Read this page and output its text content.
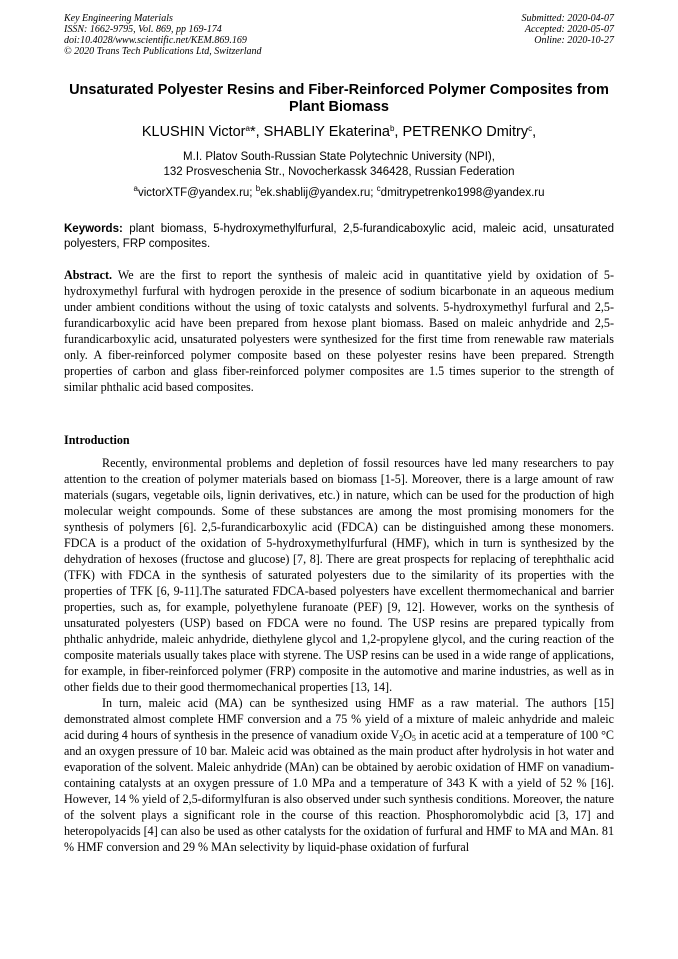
Key Engineering Materials
ISSN: 1662-9795, Vol. 869, pp 169-174
doi:10.4028/www.scientific.net/KEM.869.169
© 2020 Trans Tech Publications Ltd, Switzerland
Submitted: 2020-04-07
Accepted: 2020-05-07
Online: 2020-10-27
Unsaturated Polyester Resins and Fiber-Reinforced Polymer Composites from Plant Biomass
KLUSHIN Victor$^a$*, SHABLIY Ekaterina$^b$, PETRENKO Dmitry$^c$,
M.I. Platov South-Russian State Polytechnic University (NPI),
132 Prosveschenia Str., Novocherkassk 346428, Russian Federation
$^a$victorXTF@yandex.ru; $^b$ek.shablij@yandex.ru; $^c$dmitrypetrenko1998@yandex.ru
Keywords: plant biomass, 5-hydroxymethylfurfural, 2,5-furandicaboxylic acid, maleic acid, unsaturated polyesters, FRP composites.
Abstract. We are the first to report the synthesis of maleic acid in quantitative yield by oxidation of 5-hydroxymethyl furfural with hydrogen peroxide in the presence of sodium bicarbonate in an aqueous medium under ambient conditions without the using of toxic catalysts and solvents. 5-hydroxymethyl furfural and 2,5-furandicarboxylic acid have been prepared from hexose plant biomass. Based on maleic anhydride and 2,5-furandicarboxylic acid, unsaturated polyesters were synthesized for the first time from renewable raw materials only. A fiber-reinforced polymer composite based on these polyester resins have been prepared. Strength properties of carbon and glass fiber-reinforced polymer composites are 1.5 times superior to the strength of similar phthalic acid based composites.
Introduction

Recently, environmental problems and depletion of fossil resources have led many researchers to pay attention to the creation of polymer materials based on biomass [1-5]. Moreover, there is a large amount of raw materials (sugars, vegetable oils, lignin derivatives, etc.) in nature, which can be used for the production of high molecular weight compounds. Some of these substances are among the most promising monomers for the synthesis of polymers [6]. 2,5-furandicarboxylic acid (FDCA) can be distinguished among these monomers. FDCA is a product of the oxidation of 5-hydroxymethylfurfural (HMF), which in turn is synthesized by the dehydration of hexoses (fructose and glucose) [7, 8]. There are great prospects for replacing of terephthalic acid (TFK) with FDCA in the synthesis of saturated polyesters due to the similarity of its properties with the properties of TFK [6, 9-11].The saturated FDCA-based polyesters have excellent thermomechanical and barrier properties, such as, for example, polyethylene furanoate (PEF) [9, 12]. However, works on the synthesis of unsaturated polyesters (USP) based on FDCA were no found. The USP resins are prepared typically from phthalic anhydride, maleic anhydride, diethylene glycol and 1,2-propylene glycol, and the curing reaction of the composite materials usually takes place with styrene. The USP resins can be used in a wide range of applications, for example, in fiber-reinforced polymer (FRP) composite in the automotive and marine industries, as well as in other fields due to their good thermomechanical properties [13, 14].

In turn, maleic acid (MA) can be synthesized using HMF as a raw material. The authors [15] demonstrated almost complete HMF conversion and a 75 % yield of a mixture of maleic anhydride and maleic acid during 4 hours of synthesis in the presence of vanadium oxide $V_2O_5$ in acetic acid at a temperature of 100 °C and an oxygen pressure of 10 bar. Maleic acid was obtained as the main product after hydrolysis in hot water and evaporation of the solvent. Maleic anhydride (MAn) can be obtained by aerobic oxidation of HMF on vanadium-containing catalysts at an oxygen pressure of 1.0 MPa and a temperature of 343 K with a yield of 52 % [16]. However, 14 % yield of 2,5-diformylfuran is also observed under such synthesis conditions. Moreover, the nature of the solvent plays a significant role in the course of this reaction. Phosphoromolybdic acid [3, 17] and heteropolyacids [4] can also be used as other catalysts for the oxidation of furfural and HMF to MA and MAn. 81 % HMF conversion and 29 % MAn selectivity by liquid-phase oxidation of furfural
